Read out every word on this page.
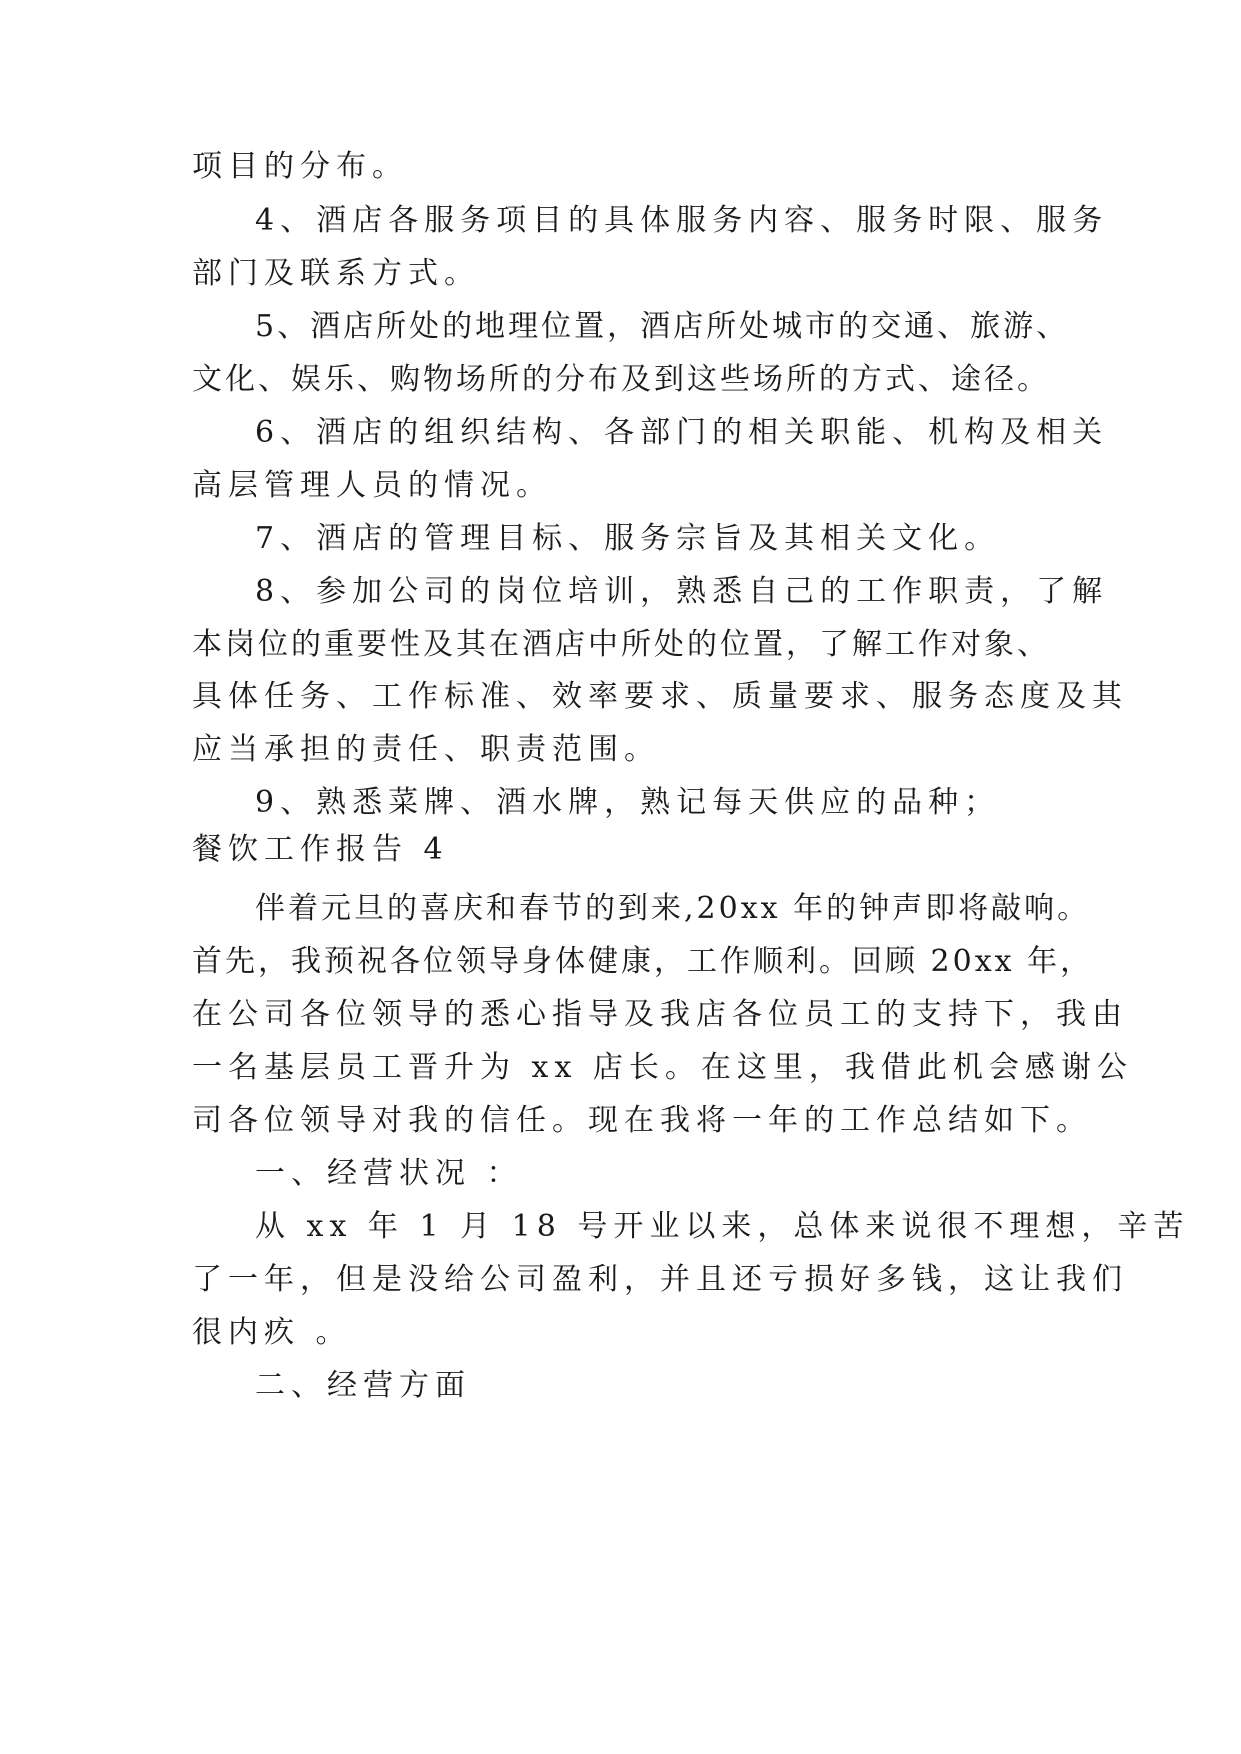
项目的分布。
4、酒店各服务项目的具体服务内容、服务时限、服务
部门及联系方式。
5、酒店所处的地理位置，酒店所处城市的交通、旅游、
文化、娱乐、购物场所的分布及到这些场所的方式、途径。
6、酒店的组织结构、各部门的相关职能、机构及相关
高层管理人员的情况。
7、酒店的管理目标、服务宗旨及其相关文化。
8、参加公司的岗位培训，熟悉自己的工作职责，了解
本岗位的重要性及其在酒店中所处的位置，了解工作对象、
具体任务、工作标准、效率要求、质量要求、服务态度及其
应当承担的责任、职责范围。
9、熟悉菜牌、酒水牌，熟记每天供应的品种；
餐饮工作报告 4
伴着元旦的喜庆和春节的到来,20xx 年的钟声即将敲响。
首先，我预祝各位领导身体健康，工作顺利。回顾 20xx 年，
在公司各位领导的悉心指导及我店各位员工的支持下，我由
一名基层员工晋升为 xx 店长。在这里，我借此机会感谢公
司各位领导对我的信任。现在我将一年的工作总结如下。
一、经营状况 ：
从 xx 年 1 月 18 号开业以来，总体来说很不理想，辛苦
了一年，但是没给公司盈利，并且还亏损好多钱，这让我们
很内疚 。
二、经营方面
